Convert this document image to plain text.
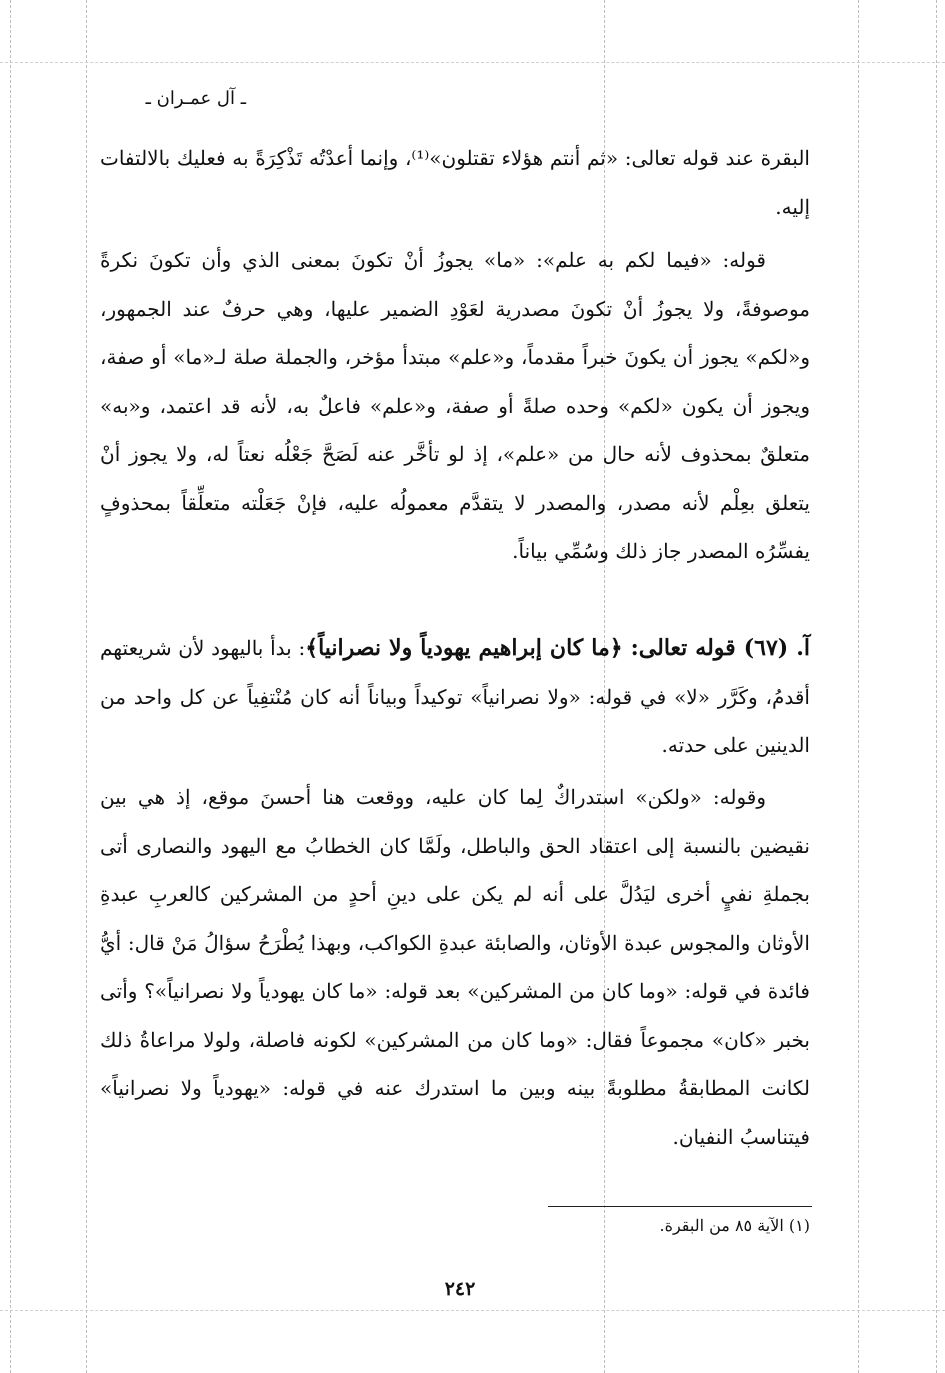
ـ آل عمـران ـ
البقرة عند قوله تعالى: «ثم أنتم هؤلاء تقتلون»⁽¹⁾، وإنما أعدْتُه تَذْكِرَةً به فعليك بالالتفات إليه.
قوله: «فيما لكم به علم»: «ما» يجوزُ أنْ تكونَ بمعنى الذي وأن تكونَ نكرةً موصوفةً، ولا يجوزُ أنْ تكونَ مصدرية لعَوْدِ الضمير عليها، وهي حرفٌ عند الجمهور، و«لكم» يجوز أن يكونَ خبراً مقدماً، و«علم» مبتدأ مؤخر، والجملة صلة لـ«ما» أو صفة، ويجوز أن يكون «لكم» وحده صلةً أو صفة، و«علم» فاعلٌ به، لأنه قد اعتمد، و«به» متعلقٌ بمحذوف لأنه حال من «علم»، إذ لو تأخَّر عنه لَصَحَّ جَعْلُه نعتاً له، ولا يجوز أنْ يتعلق بعِلْم لأنه مصدر، والمصدر لا يتقدَّم معمولُه عليه، فإنْ جَعَلْته متعلِّقاً بمحذوفٍ يفسِّرُه المصدر جاز ذلك وسُمِّي بياناً.
آ. (٦٧) قوله تعالى: ﴿ما كان إبراهيم يهودياً ولا نصرانياً﴾: بدأ باليهود لأن شريعتهم أقدمُ، وكَرَّر «لا» في قوله: «ولا نصرانياً» توكيداً وبياناً أنه كان مُنْتفِياً عن كل واحد من الدينين على حدته.
وقوله: «ولكن» استدراكٌ لِما كان عليه، ووقعت هنا أحسنَ موقع، إذ هي بين نقيضين بالنسبة إلى اعتقاد الحق والباطل، ولَمَّا كان الخطابُ مع اليهود والنصارى أتى بجملةِ نفيٍ أخرى ليَدُلَّ على أنه لم يكن على دينِ أحدٍ من المشركين كالعربِ عبدةِ الأوثان والمجوس عبدة الأوثان، والصابئة عبدةِ الكواكب، وبهذا يُطْرَحُ سؤالُ مَنْ قال: أيُّ فائدة في قوله: «وما كان من المشركين» بعد قوله: «ما كان يهودياً ولا نصرانياً»؟ وأتى بخبر «كان» مجموعاً فقال: «وما كان من المشركين» لكونه فاصلة، ولولا مراعاةُ ذلك لكانت المطابقةُ مطلوبةً بينه وبين ما استدرك عنه في قوله: «يهودياً ولا نصرانياً» فيتناسبُ النفيان.
(١) الآية ٨٥ من البقرة.
٢٤٢
